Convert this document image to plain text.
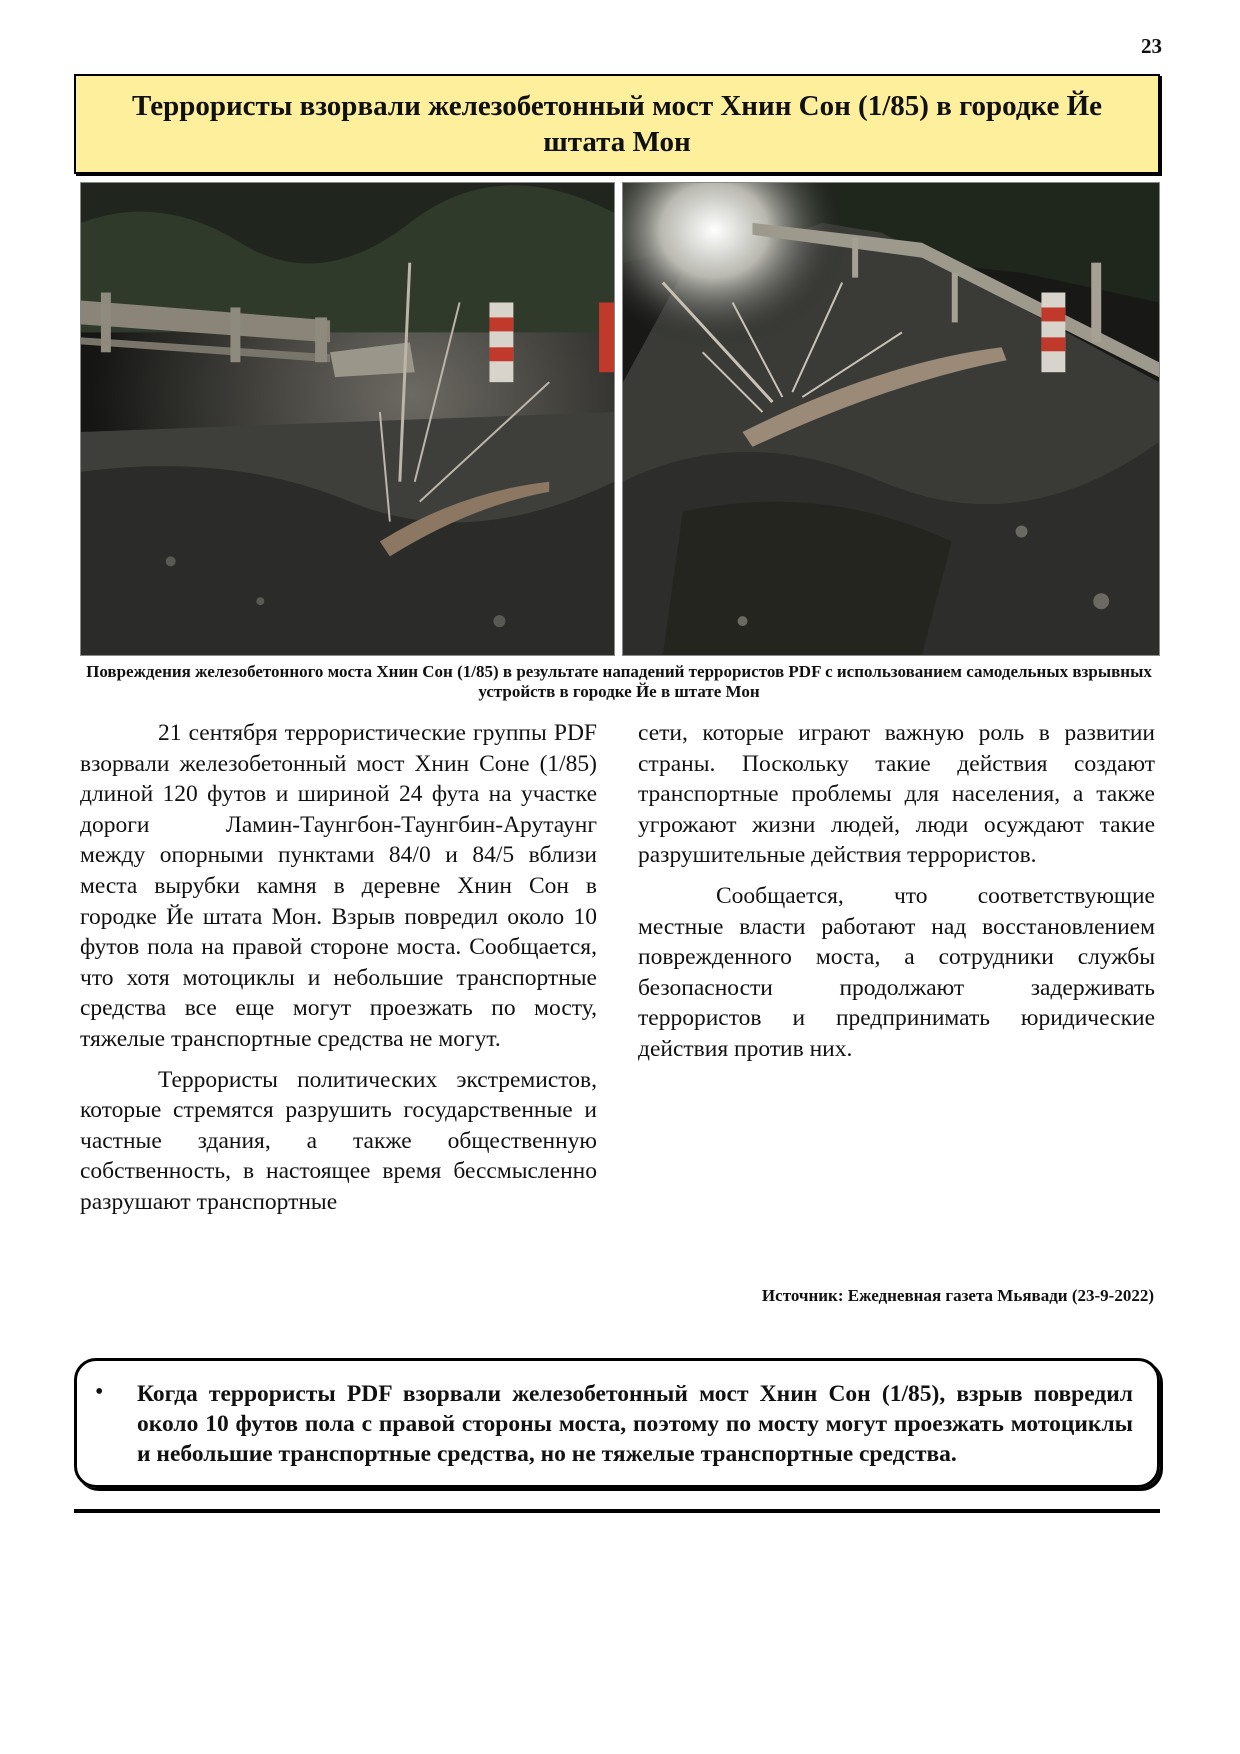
23
Террористы взорвали железобетонный мост Хнин Сон (1/85) в городке Йе штата Мон
Повреждения железобетонного моста Хнин Сон (1/85) в результате нападений террористов PDF с использованием самодельных взрывных устройств в городке Йе в штате Мон

21 сентября террористические группы PDF взорвали железобетонный мост Хнин Соне (1/85) длиной 120 футов и шириной 24 фута на участке дороги Ламин-Таунгбон-Таунгбин-Арутаунг между опорными пунктами 84/0 и 84/5 вблизи места вырубки камня в деревне Хнин Сон в городке Йе штата Мон. Взрыв повредил около 10 футов пола на правой стороне моста. Сообщается, что хотя мотоциклы и небольшие транспортные средства все еще могут проезжать по мосту, тяжелые транспортные средства не могут.

Террористы политических экстремистов, которые стремятся разрушить государственные и частные здания, а также общественную собственность, в настоящее время бессмысленно разрушают транспортные

сети, которые играют важную роль в развитии страны. Поскольку такие действия создают транспортные проблемы для населения, а также угрожают жизни людей, люди осуждают такие разрушительные действия террористов.

Сообщается, что соответствующие местные власти работают над восстановлением поврежденного моста, а сотрудники службы безопасности продолжают задерживать террористов и предпринимать юридические действия против них.

Источник: Ежедневная газета Мьявади (23-9-2022)
• Когда террористы PDF взорвали железобетонный мост Хнин Сон (1/85), взрыв повредил около 10 футов пола с правой стороны моста, поэтому по мосту могут проезжать мотоциклы и небольшие транспортные средства, но не тяжелые транспортные средства.
